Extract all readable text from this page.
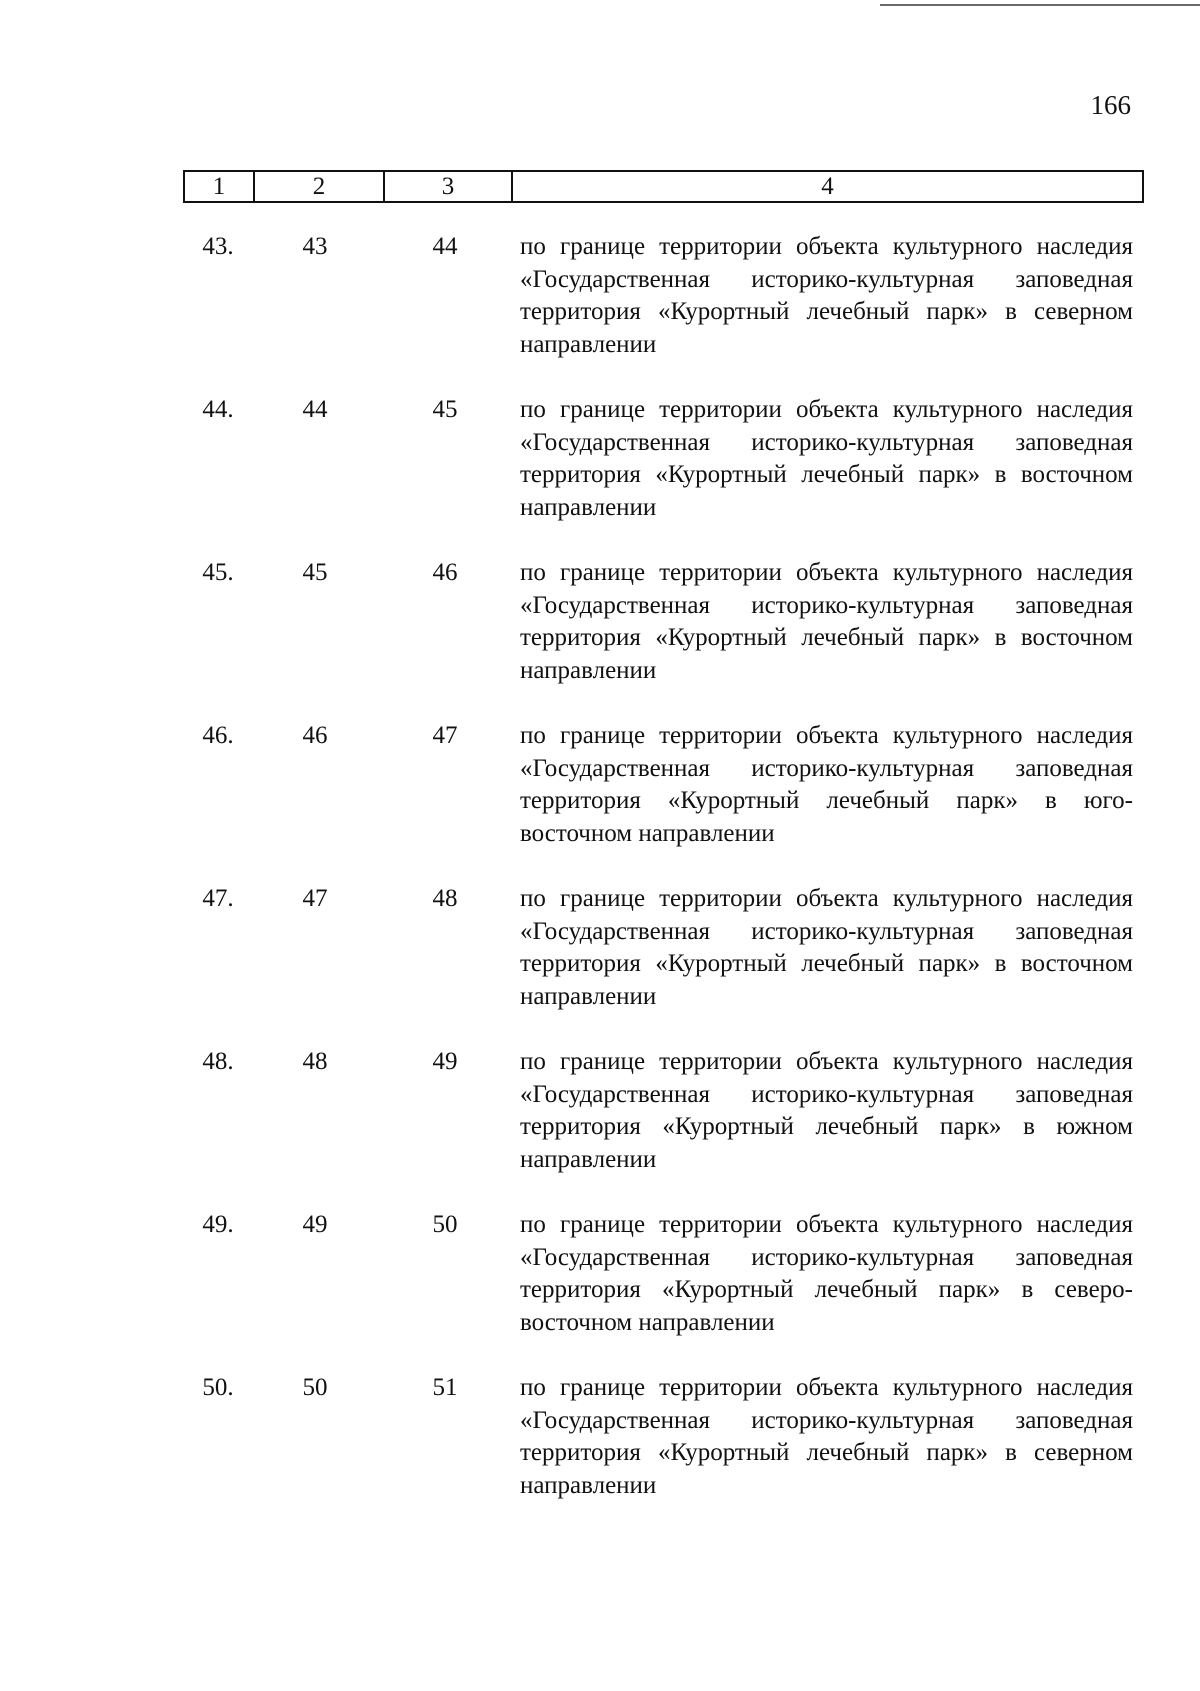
166
1	2	3	4
43.	43	44	по границе территории объекта культурного наследия «Государственная историко-культурная заповедная территория «Курортный лечебный парк» в северном направлении
44.	44	45	по границе территории объекта культурного наследия «Государственная историко-культурная заповедная территория «Курортный лечебный парк» в восточном направлении
45.	45	46	по границе территории объекта культурного наследия «Государственная историко-культурная заповедная территория «Курортный лечебный парк» в восточном направлении
46.	46	47	по границе территории объекта культурного наследия «Государственная историко-культурная заповедная территория «Курортный лечебный парк» в юго-восточном направлении
47.	47	48	по границе территории объекта культурного наследия «Государственная историко-культурная заповедная территория «Курортный лечебный парк» в восточном направлении
48.	48	49	по границе территории объекта культурного наследия «Государственная историко-культурная заповедная территория «Курортный лечебный парк» в южном направлении
49.	49	50	по границе территории объекта культурного наследия «Государственная историко-культурная заповедная территория «Курортный лечебный парк» в северо-восточном направлении
50.	50	51	по границе территории объекта культурного наследия «Государственная историко-культурная заповедная территория «Курортный лечебный парк» в северном направлении
